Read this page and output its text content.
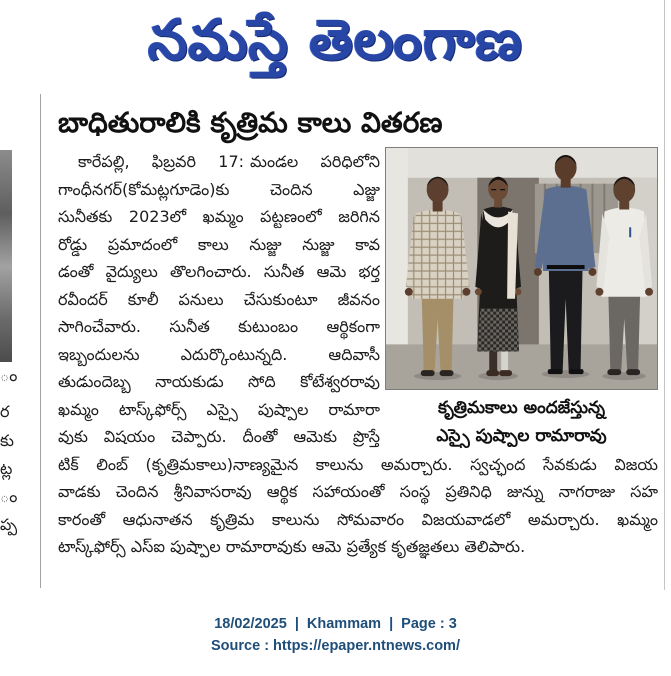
నమస్తే తెలంగాణ
ం
ర
కు
ట్ల
ం
ప్ప
బాధితురాలికి కృత్రిమ కాలు వితరణ
కారేపల్లి, ఫిబ్రవరి 17: మండల పరిధిలోని
గాంధీనగర్(కోమట్లగూడెం)కు చెందిన ఎజ్జు
సునీతకు 2023లో ఖమ్మం పట్టణంలో జరిగిన
రోడ్డు ప్రమాదంలో కాలు నుజ్జు నుజ్జు కావ
డంతో వైద్యులు తొలగించారు. సునీత ఆమె భర్త
రవీందర్ కూలీ పనులు చేసుకుంటూ జీవనం
సాగించేవారు. సునీత కుటుంబం ఆర్థికంగా
ఇబ్బందులను ఎదుర్కొంటున్నది. ఆదివాసీ
తుడుందెబ్బ నాయకుడు సోది కోటేశ్వరరావు
ఖమ్మం టాస్క్‌ఫోర్స్ ఎస్సై పుష్పాల రామారా
వుకు విషయం చెప్పారు. దీంతో ఆమెకు ప్రొస్తే
టిక్ లింబ్ (కృత్రిమకాలు)నాణ్యమైన కాలును అమర్చారు. స్వచ్ఛంద సేవకుడు విజయ
వాడకు చెందిన శ్రీనివాసరావు ఆర్థిక సహాయంతో సంస్థ ప్రతినిధి జున్ను నాగరాజు సహ
కారంతో ఆధునాతన కృత్రిమ కాలును సోమవారం విజయవాడలో అమర్చారు. ఖమ్మం
టాస్క్‌ఫోర్స్ ఎస్ఐ పుష్పాల రామారావుకు ఆమె ప్రత్యేక కృతజ్ఞతలు తెలిపారు.
కృత్రిమకాలు అందజేస్తున్న
ఎస్సై పుష్పాల రామారావు
18/02/2025 | Khammam | Page : 3
Source : https://epaper.ntnews.com/
